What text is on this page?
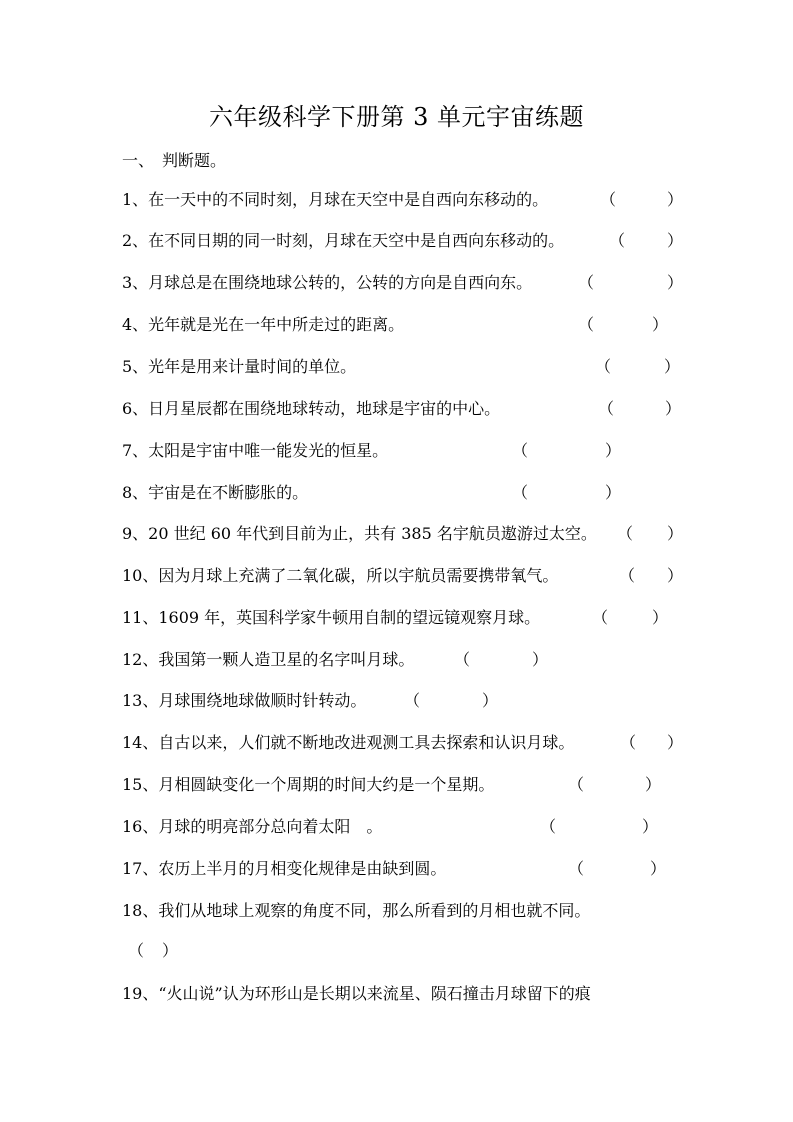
六年级科学下册第 3 单元宇宙练题
一、 判断题。
1、在一天中的不同时刻，月球在天空中是自西向东移动的。	（	）
2、在不同日期的同一时刻，月球在天空中是自西向东移动的。	（	）
3、月球总是在围绕地球公转的，公转的方向是自西向东。	（	）
4、光年就是光在一年中所走过的距离。	（	）
5、光年是用来计量时间的单位。	（	）
6、日月星辰都在围绕地球转动，地球是宇宙的中心。	（	）
7、太阳是宇宙中唯一能发光的恒星。	（	）
8、宇宙是在不断膨胀的。	（	）
9、20 世纪 60 年代到目前为止，共有 385 名宇航员遨游过太空。 （ ）
10、因为月球上充满了二氧化碳，所以宇航员需要携带氧气。	（ ）
11、1609 年，英国科学家牛顿用自制的望远镜观察月球。	（	）
12、我国第一颗人造卫星的名字叫月球。 （	）
13、月球围绕地球做顺时针转动。 （	）
14、自古以来，人们就不断地改进观测工具去探索和认识月球。	（ ）
15、月相圆缺变化一个周期的时间大约是一个星期。	（	）
16、月球的明亮部分总向着太阳　。	（	）
17、农历上半月的月相变化规律是由缺到圆。	（	）
18、我们从地球上观察的角度不同，那么所看到的月相也就不同。
（ ）
19、“火山说”认为环形山是长期以来流星、陨石撞击月球留下的痕
